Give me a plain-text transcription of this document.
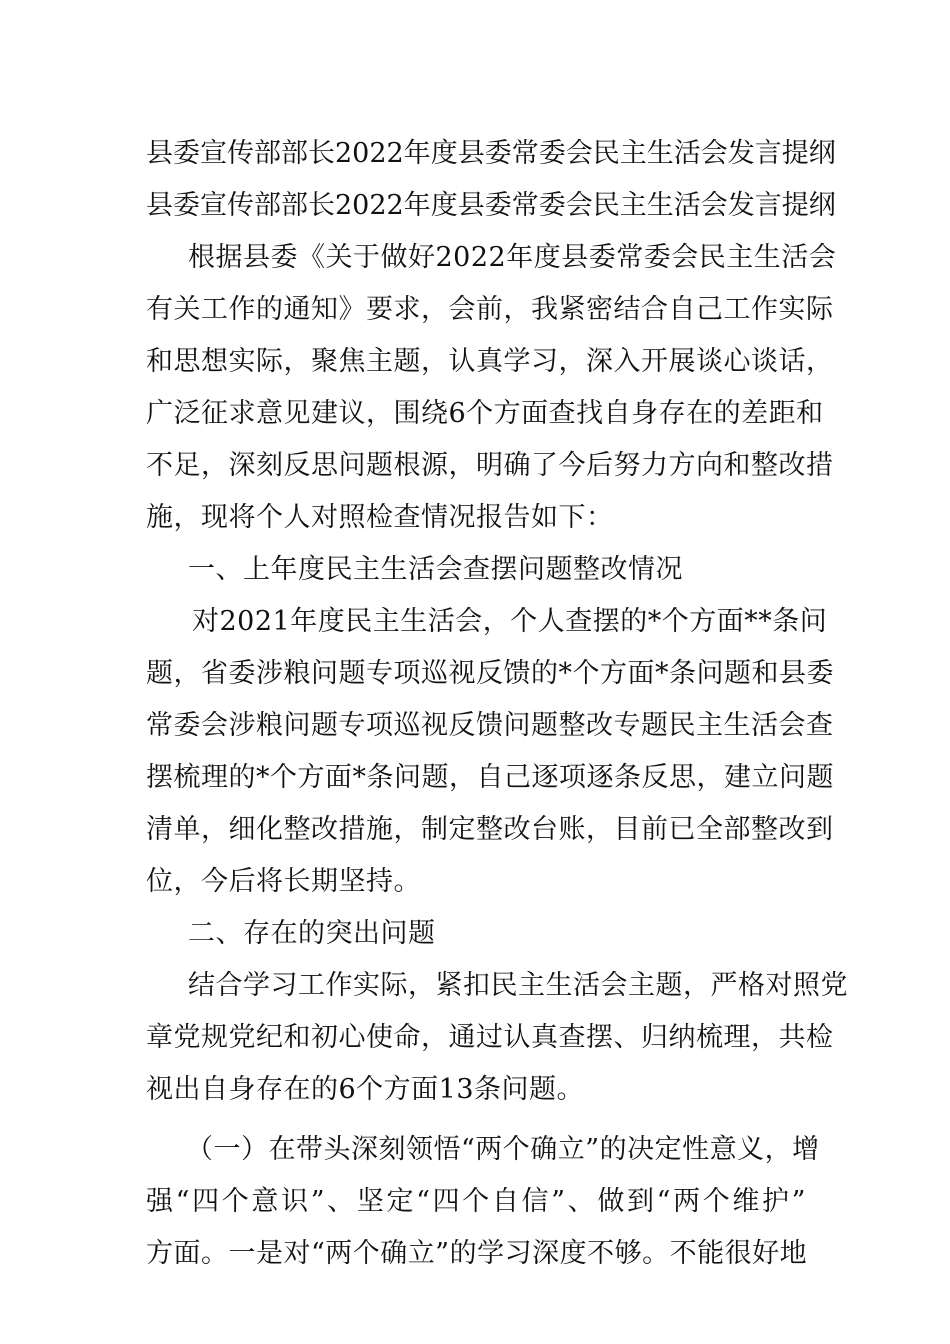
县委宣传部部长2022年度县委常委会民主生活会发言提纲

县委宣传部部长2022年度县委常委会民主生活会发言提纲

根据县委《关于做好2022年度县委常委会民主生活会

有关工作的通知》要求，会前，我紧密结合自己工作实际

和思想实际，聚焦主题，认真学习，深入开展谈心谈话，

广泛征求意见建议，围绕6个方面查找自身存在的差距和

不足，深刻反思问题根源，明确了今后努力方向和整改措

施，现将个人对照检查情况报告如下：

一、上年度民主生活会查摆问题整改情况

对2021年度民主生活会，个人查摆的*个方面**条问

题，省委涉粮问题专项巡视反馈的*个方面*条问题和县委

常委会涉粮问题专项巡视反馈问题整改专题民主生活会查

摆梳理的*个方面*条问题，自己逐项逐条反思，建立问题

清单，细化整改措施，制定整改台账，目前已全部整改到

位，今后将长期坚持。

二、存在的突出问题

结合学习工作实际，紧扣民主生活会主题，严格对照党

章党规党纪和初心使命，通过认真查摆、归纳梳理，共检

视出自身存在的6个方面13条问题。

（一）在带头深刻领悟“两个确立”的决定性意义，增

强“四个意识”、坚定“四个自信”、做到“两个维护”

方面。一是对“两个确立”的学习深度不够。不能很好地
